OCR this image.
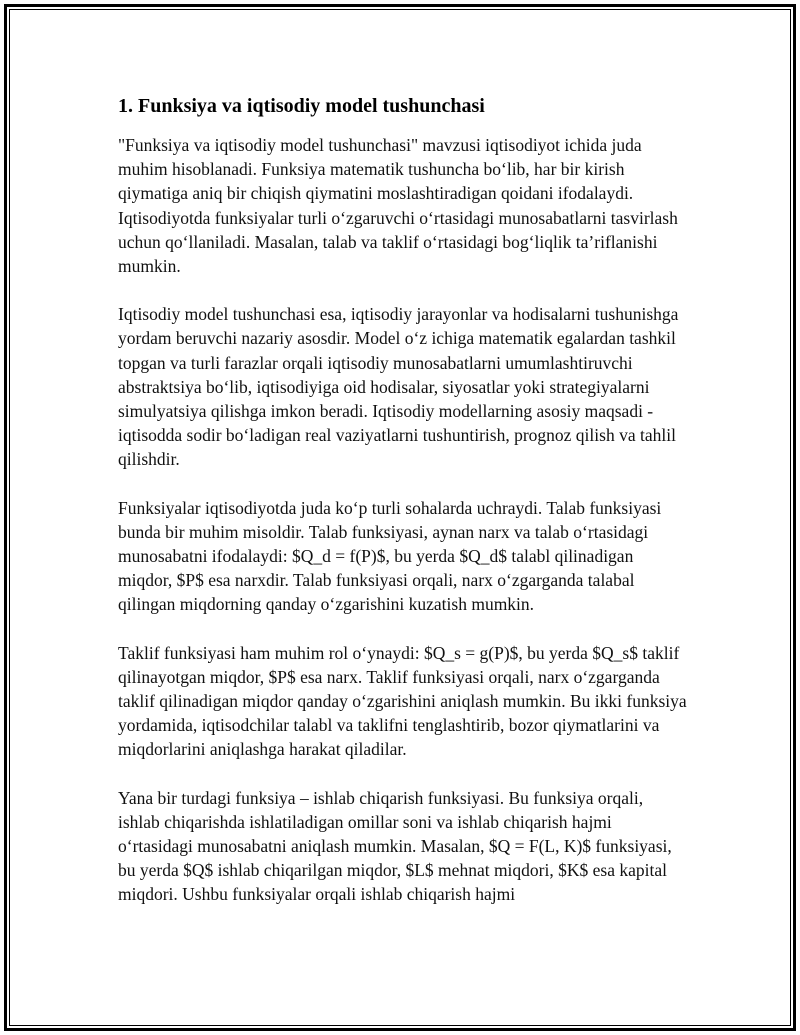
1. Funksiya va iqtisodiy model tushunchasi

"Funksiya va iqtisodiy model tushunchasi" mavzusi iqtisodiyot ichida juda muhim hisoblanadi. Funksiya matematik tushuncha bo‘lib, har bir kirish qiymatiga aniq bir chiqish qiymatini moslashtiradigan qoidani ifodalaydi. Iqtisodiyotda funksiyalar turli o‘zgaruvchi o‘rtasidagi munosabatlarni tasvirlash uchun qo‘llaniladi. Masalan, talab va taklif o‘rtasidagi bog‘liqlik ta’riflanishi mumkin.

Iqtisodiy model tushunchasi esa, iqtisodiy jarayonlar va hodisalarni tushunishga yordam beruvchi nazariy asosdir. Model o‘z ichiga matematik egalardan tashkil topgan va turli farazlar orqali iqtisodiy munosabatlarni umumlashtiruvchi abstraktsiya bo‘lib, iqtisodiyiga oid hodisalar, siyosatlar yoki strategiyalarni simulyatsiya qilishga imkon beradi. Iqtisodiy modellarning asosiy maqsadi - iqtisodda sodir bo‘ladigan real vaziyatlarni tushuntirish, prognoz qilish va tahlil qilishdir.

Funksiyalar iqtisodiyotda juda ko‘p turli sohalarda uchraydi. Talab funksiyasi bunda bir muhim misoldir. Talab funksiyasi, aynan narx va talab o‘rtasidagi munosabatni ifodalaydi: $Q_d = f(P)$, bu yerda $Q_d$ talabl qilinadigan miqdor, $P$ esa narxdir. Talab funksiyasi orqali, narx o‘zgarganda talabal qilingan miqdorning qanday o‘zgarishini kuzatish mumkin.

Taklif funksiyasi ham muhim rol o‘ynaydi: $Q_s = g(P)$, bu yerda $Q_s$ taklif qilinayotgan miqdor, $P$ esa narx. Taklif funksiyasi orqali, narx o‘zgarganda taklif qilinadigan miqdor qanday o‘zgarishini aniqlash mumkin. Bu ikki funksiya yordamida, iqtisodchilar talabl va taklifni tenglashtirib, bozor qiymatlarini va miqdorlarini aniqlashga harakat qiladilar.

Yana bir turdagi funksiya – ishlab chiqarish funksiyasi. Bu funksiya orqali, ishlab chiqarishda ishlatiladigan omillar soni va ishlab chiqarish hajmi o‘rtasidagi munosabatni aniqlash mumkin. Masalan, $Q = F(L, K)$ funksiyasi, bu yerda $Q$ ishlab chiqarilgan miqdor, $L$ mehnat miqdori, $K$ esa kapital miqdori. Ushbu funksiyalar orqali ishlab chiqarish hajmi
